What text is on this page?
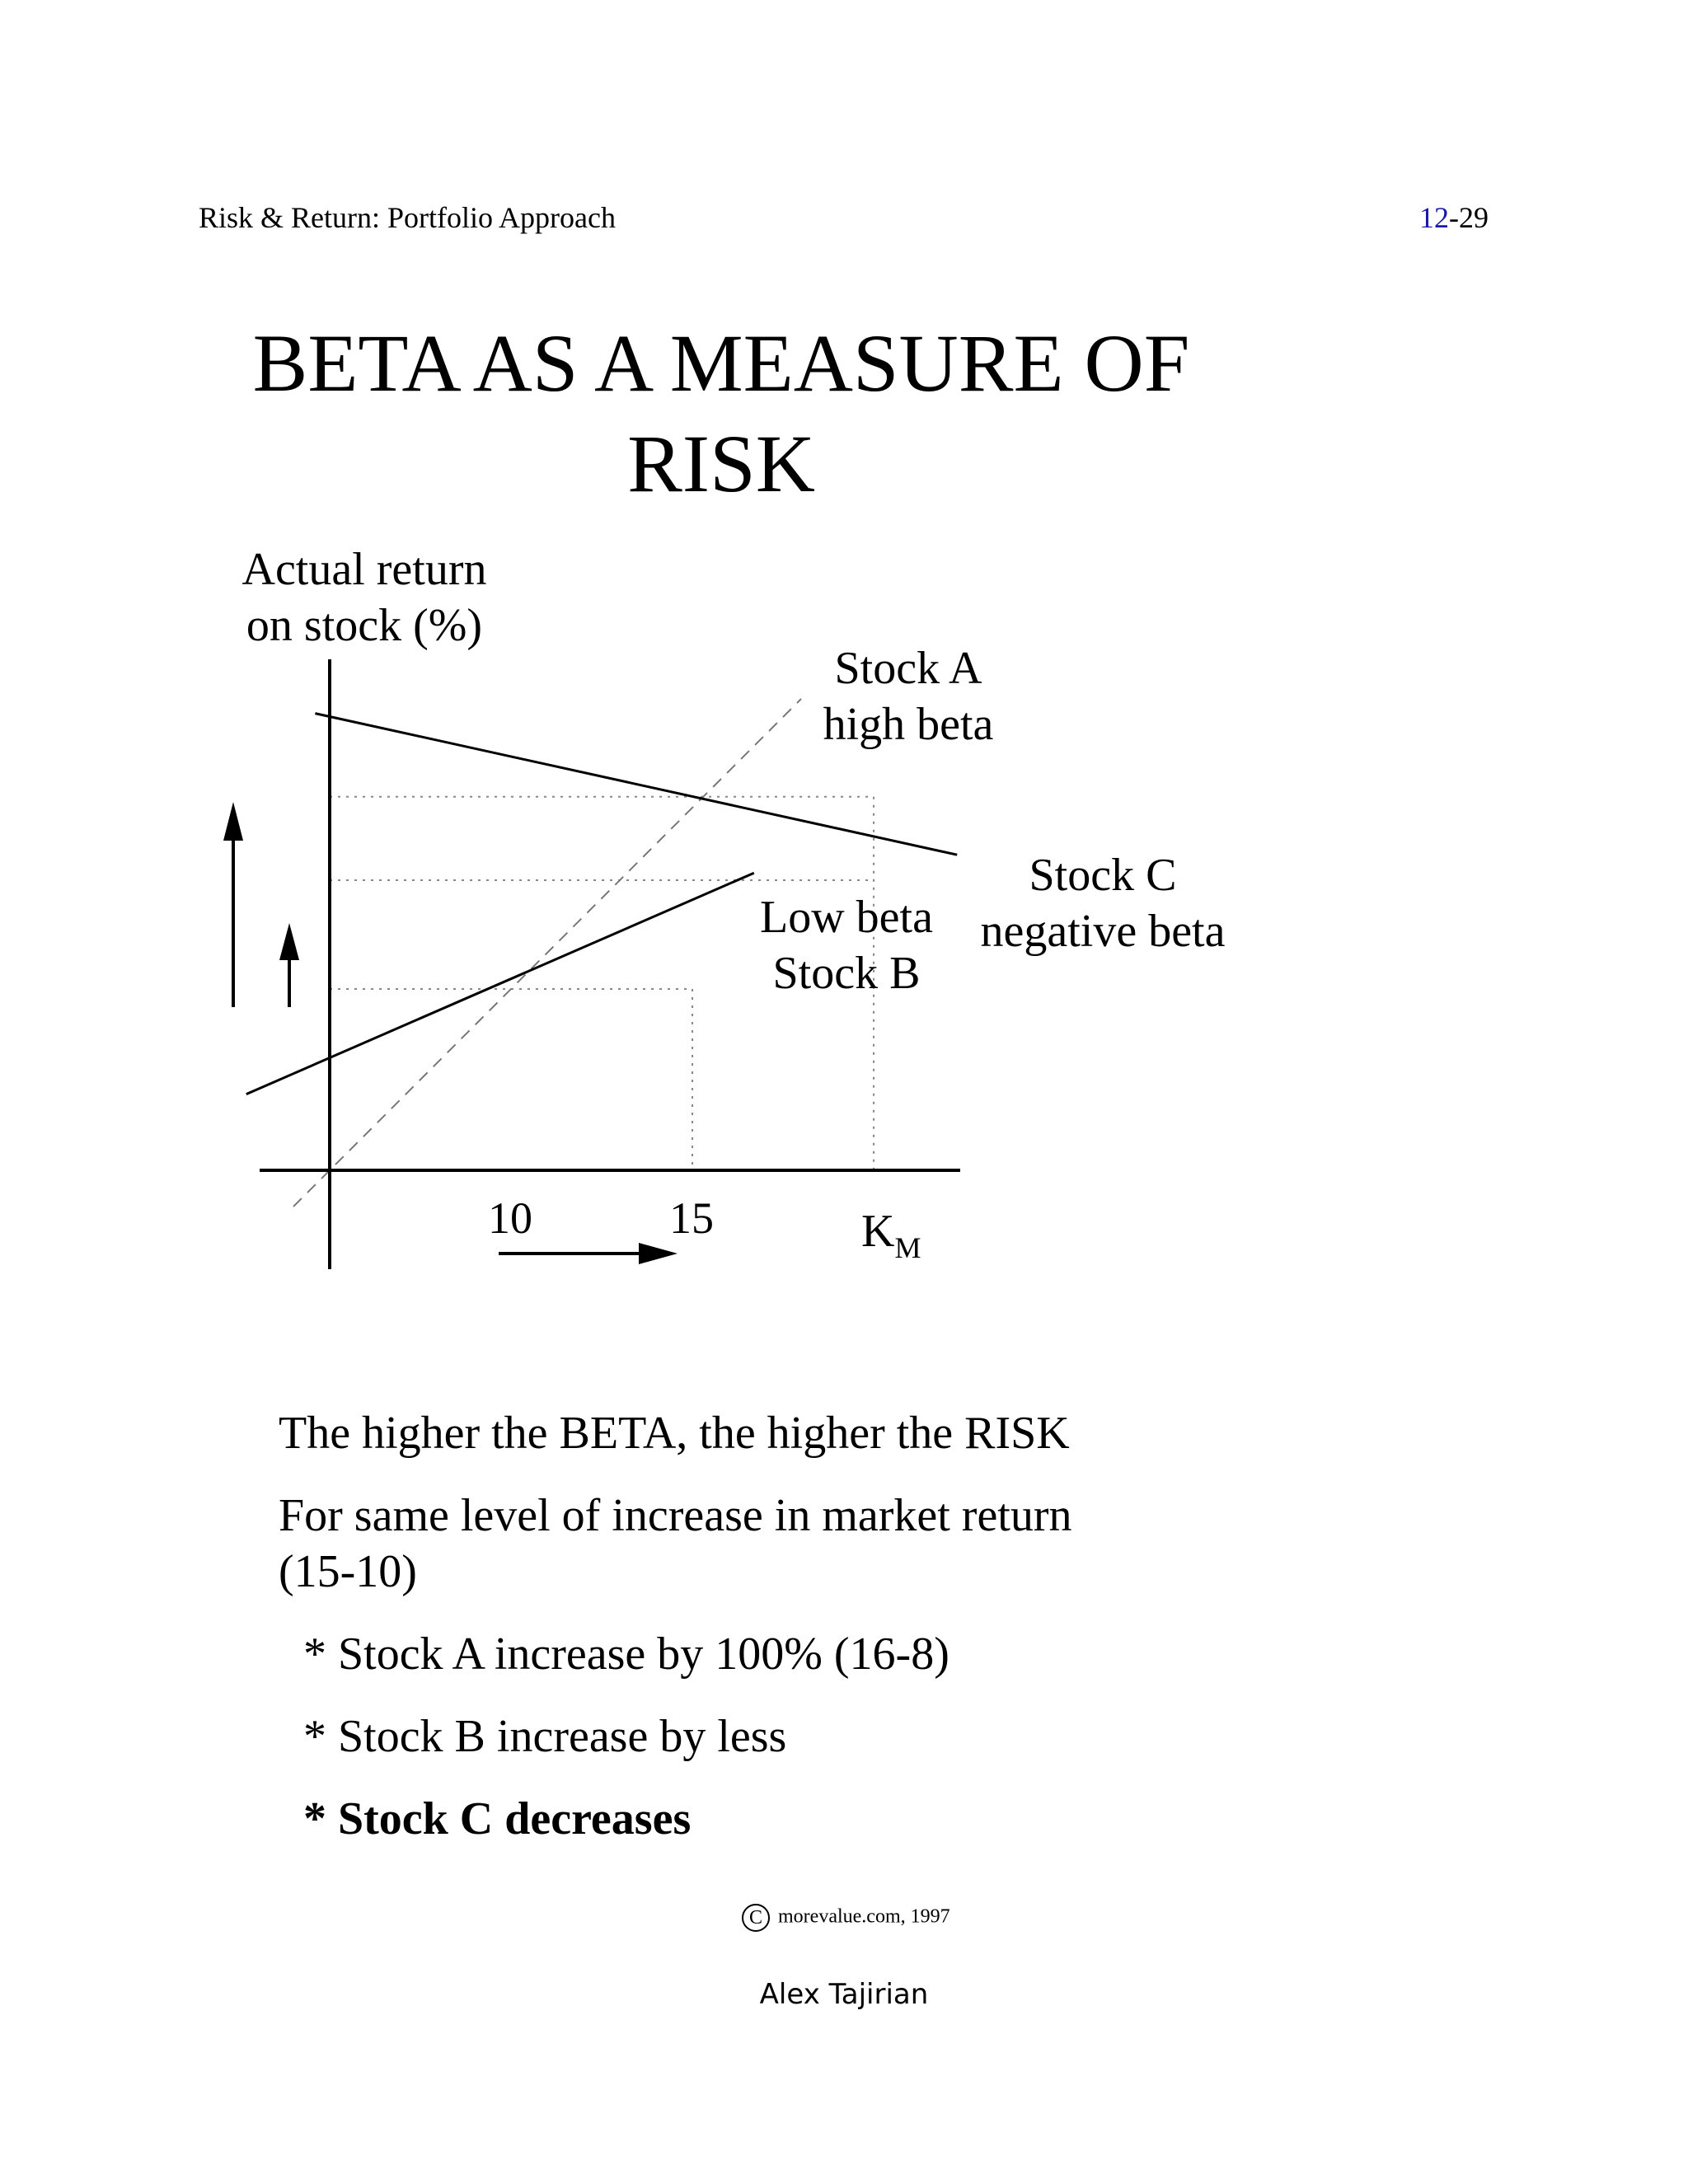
Risk & Return: Portfolio Approach	12-29
BETA AS A MEASURE OF RISK
Actual return
on stock (%)
10	15	$K_M$
Stock A
high beta
Stock C
negative beta
Low beta
Stock B
The higher the BETA, the higher the RISK
For same level of increase in market return
(15-10)
* Stock A increase by 100% (16-8)
* Stock B increase by less
* Stock C decreases
C morevalue.com, 1997
Alex Tajirian
